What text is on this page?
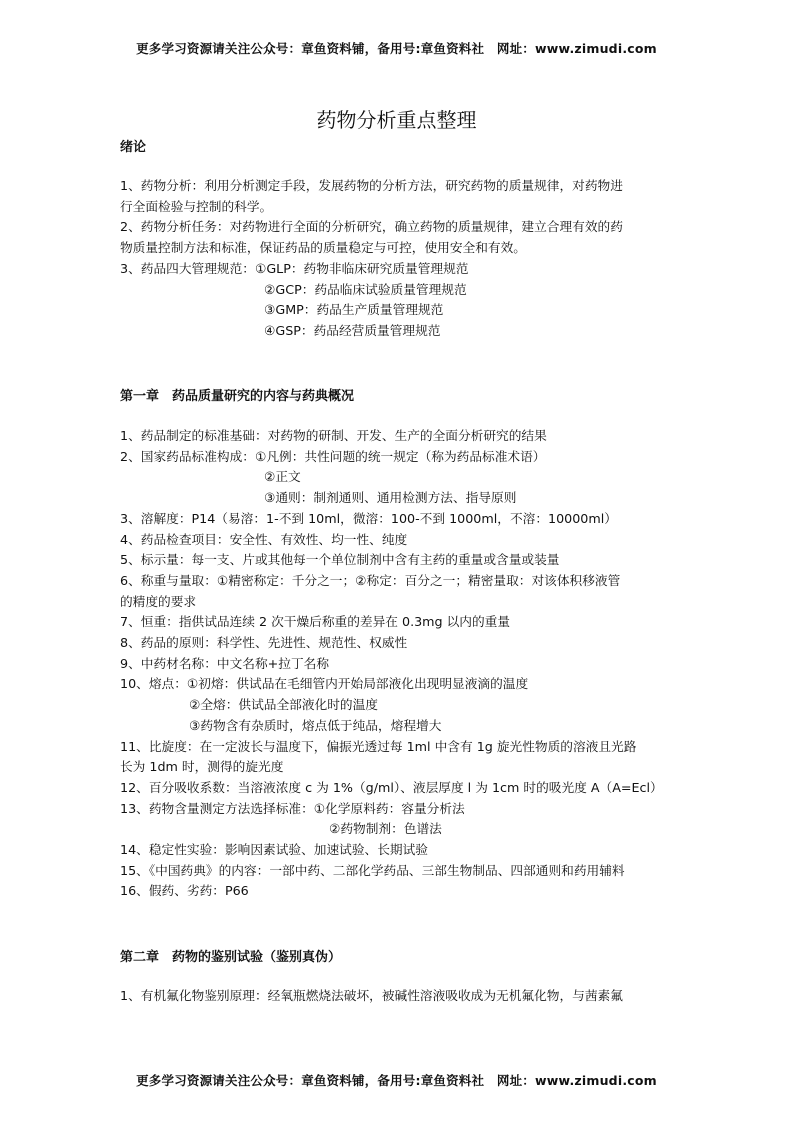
更多学习资源请关注公众号：章鱼资料铺，备用号:章鱼资料社　网址：www.zimudi.com
药物分析重点整理

绪论

1、药物分析：利用分析测定手段，发展药物的分析方法，研究药物的质量规律，对药物进

行全面检验与控制的科学。

2、药物分析任务：对药物进行全面的分析研究，确立药物的质量规律，建立合理有效的药

物质量控制方法和标准，保证药品的质量稳定与可控，使用安全和有效。

3、药品四大管理规范：①GLP：药物非临床研究质量管理规范

②GCP：药品临床试验质量管理规范

③GMP：药品生产质量管理规范

④GSP：药品经营质量管理规范

第一章　药品质量研究的内容与药典概况

1、药品制定的标准基础：对药物的研制、开发、生产的全面分析研究的结果

2、国家药品标准构成：①凡例：共性问题的统一规定（称为药品标准术语）

②正文

③通则：制剂通则、通用检测方法、指导原则

3、溶解度：P14（易溶：1-不到 10ml，微溶：100-不到 1000ml，不溶：10000ml）

4、药品检查项目：安全性、有效性、均一性、纯度

5、标示量：每一支、片或其他每一个单位制剂中含有主药的重量或含量或装量

6、称重与量取：①精密称定：千分之一；②称定：百分之一；精密量取：对该体积移液管

的精度的要求

7、恒重：指供试品连续 2 次干燥后称重的差异在 0.3mg 以内的重量

8、药品的原则：科学性、先进性、规范性、权威性

9、中药材名称：中文名称+拉丁名称

10、熔点：①初熔：供试品在毛细管内开始局部液化出现明显液滴的温度

②全熔：供试品全部液化时的温度

③药物含有杂质时，熔点低于纯品，熔程增大

11、比旋度：在一定波长与温度下，偏振光透过每 1ml 中含有 1g 旋光性物质的溶液且光路

长为 1dm 时，测得的旋光度

12、百分吸收系数：当溶液浓度 c 为 1%（g/ml）、液层厚度 l 为 1cm 时的吸光度 A（A=Ecl）

13、药物含量测定方法选择标准：①化学原料药：容量分析法

②药物制剂：色谱法

14、稳定性实验：影响因素试验、加速试验、长期试验

15、《中国药典》的内容：一部中药、二部化学药品、三部生物制品、四部通则和药用辅料

16、假药、劣药：P66

第二章　药物的鉴别试验（鉴别真伪）

1、有机氟化物鉴别原理：经氧瓶燃烧法破坏，被碱性溶液吸收成为无机氟化物，与茜素氟

更多学习资源请关注公众号：章鱼资料铺，备用号:章鱼资料社　网址：www.zimudi.com
